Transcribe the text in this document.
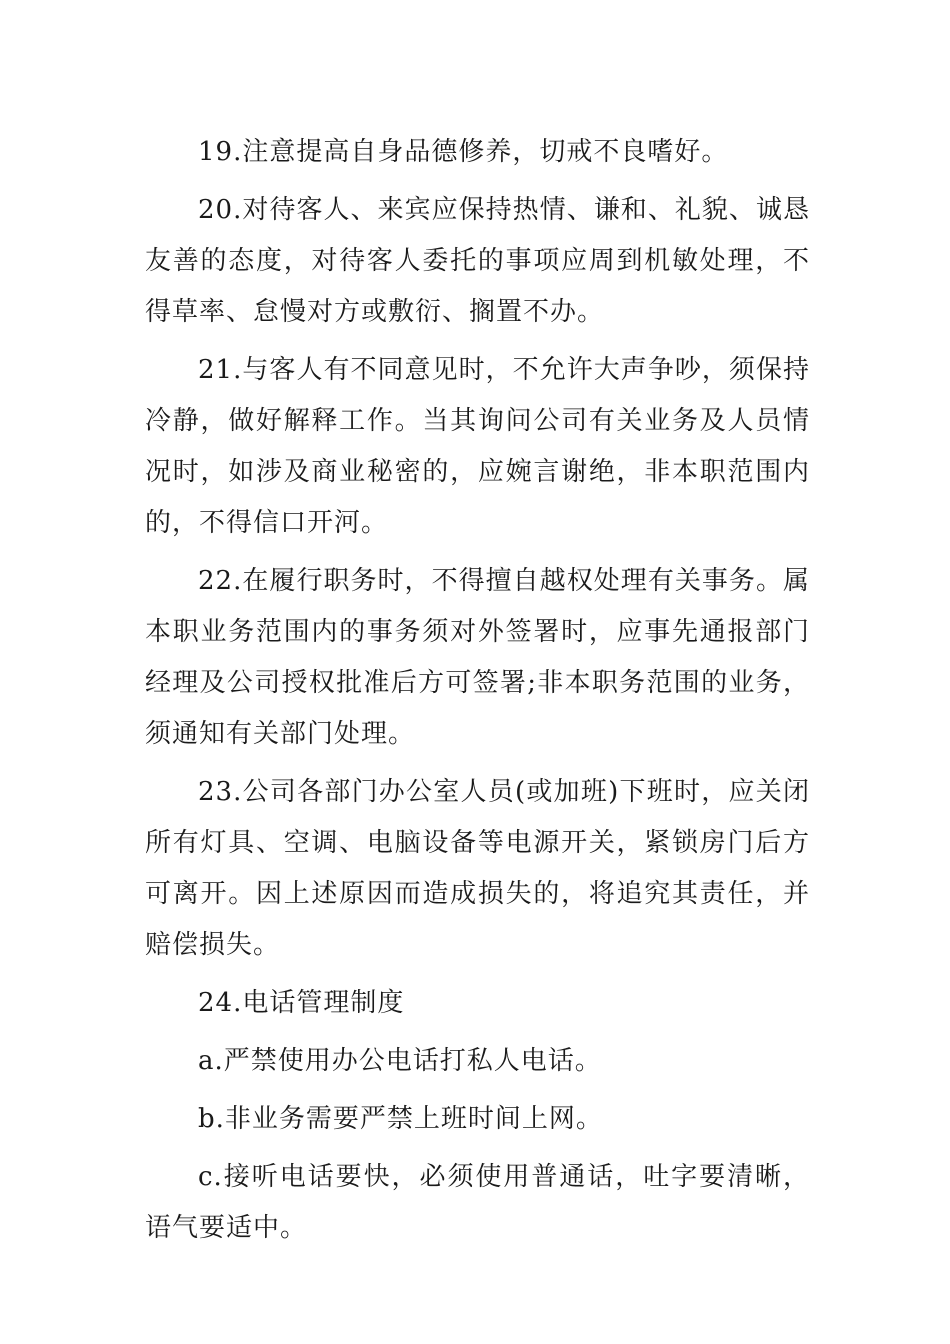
19.注意提高自身品德修养，切戒不良嗜好。

20.对待客人、来宾应保持热情、谦和、礼貌、诚恳友善的态度，对待客人委托的事项应周到机敏处理，不得草率、怠慢对方或敷衍、搁置不办。

21.与客人有不同意见时，不允许大声争吵，须保持冷静，做好解释工作。当其询问公司有关业务及人员情况时，如涉及商业秘密的，应婉言谢绝，非本职范围内的，不得信口开河。

22.在履行职务时，不得擅自越权处理有关事务。属本职业务范围内的事务须对外签署时，应事先通报部门经理及公司授权批准后方可签署;非本职务范围的业务，须通知有关部门处理。

23.公司各部门办公室人员(或加班)下班时，应关闭所有灯具、空调、电脑设备等电源开关，紧锁房门后方可离开。因上述原因而造成损失的，将追究其责任，并赔偿损失。

24.电话管理制度

a.严禁使用办公电话打私人电话。

b.非业务需要严禁上班时间上网。

c.接听电话要快，必须使用普通话，吐字要清晰，语气要适中。
